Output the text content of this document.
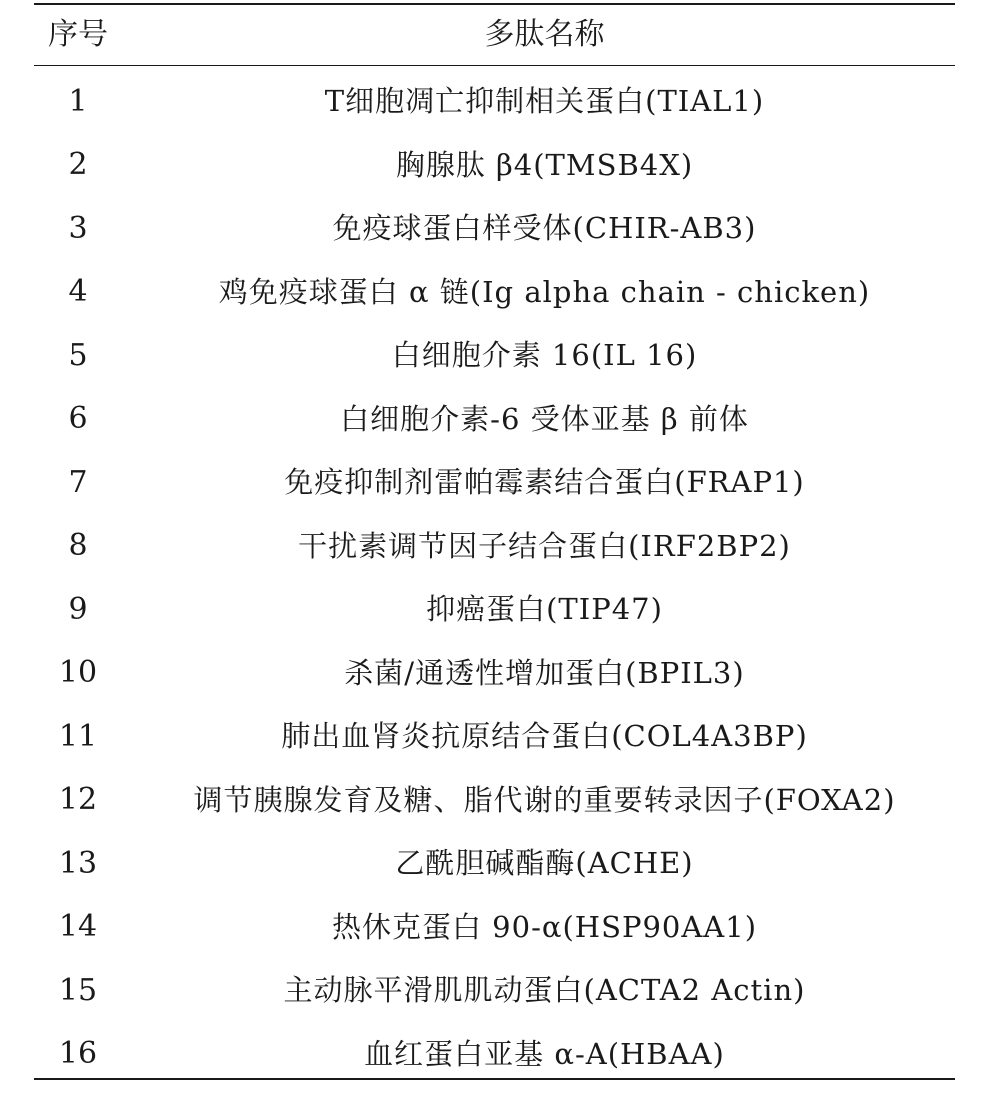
序号	多肽名称
1	T细胞凋亡抑制相关蛋白(TIAL1)
2	胸腺肽 β4(TMSB4X)
3	免疫球蛋白样受体(CHIR-AB3)
4	鸡免疫球蛋白 α 链(Ig alpha chain - chicken)
5	白细胞介素 16(IL 16)
6	白细胞介素-6 受体亚基 β 前体
7	免疫抑制剂雷帕霉素结合蛋白(FRAP1)
8	干扰素调节因子结合蛋白(IRF2BP2)
9	抑癌蛋白(TIP47)
10	杀菌/通透性增加蛋白(BPIL3)
11	肺出血肾炎抗原结合蛋白(COL4A3BP)
12	调节胰腺发育及糖、脂代谢的重要转录因子(FOXA2)
13	乙酰胆碱酯酶(ACHE)
14	热休克蛋白 90-α(HSP90AA1)
15	主动脉平滑肌肌动蛋白(ACTA2 Actin)
16	血红蛋白亚基 α-A(HBAA)
